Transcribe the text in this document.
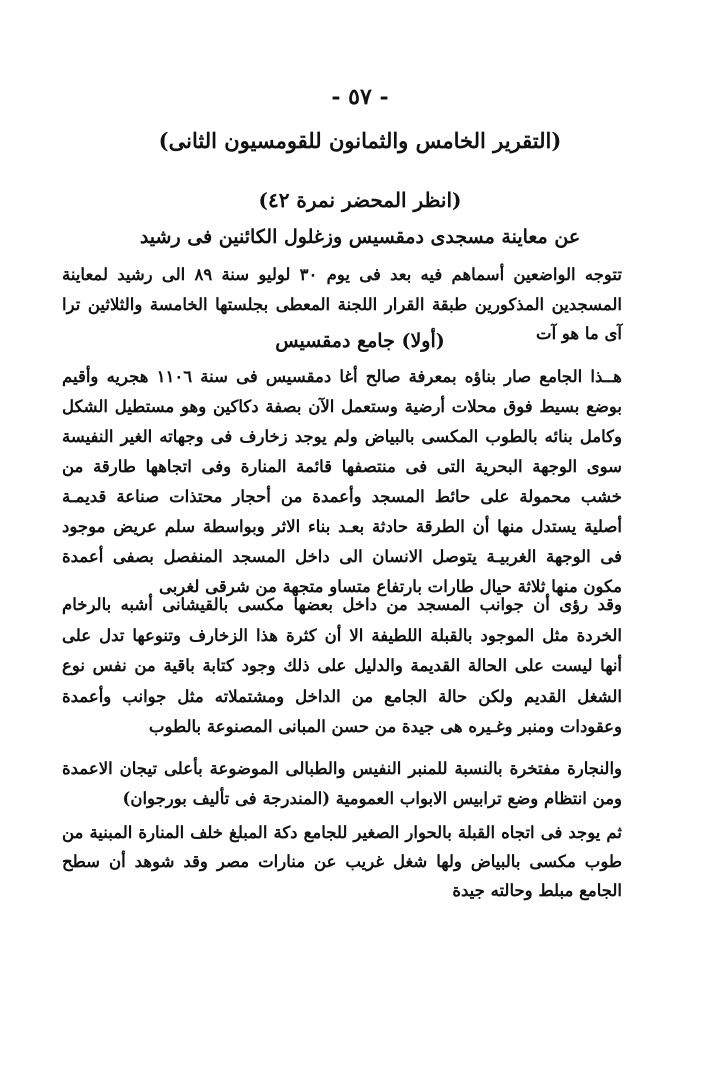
- ٥٧ -
(التقرير الخامس والثمانون للقومسيون الثانى)
(انظر المحضر نمرة ٤٢)
عن معاينة مسجدى دمقسيس وزغلول الكائنين فى رشيد
تتوجه الواضعين أسماهم فيه بعد فى يوم ٣٠ لوليو سنة ٨٩ الى رشيد لمعاينة المسجدين المذكورين طبقة القرار اللجنة المعطى بجلستها الخامسة والثلاثين ترا آى ما هو آت
(أولا) جامع دمقسيس
هــذا الجامع صار بناؤه بمعرفة صالح أغا دمقسيس فى سنة ١١٠٦ هجريه وأقيم بوضع بسيط فوق محلات أرضية وستعمل الآن بصفة دكاكين وهو مستطيل الشكل وكامل بنائه بالطوب المكسى بالبياض ولم يوجد زخارف فى وجهاته الغير النفيسة سوى الوجهة البحرية التى فى منتصفها قائمة المنارة وفى اتجاهها طارقة من خشب محمولة على حائط المسجد وأعمدة من أحجار محتذات صناعة قديمـة أصلية يستدل منها أن الطرقة حادثة بعـد بناء الاثر وبواسطة سلم عريض موجود فى الوجهة الغربيـة يتوصل الانسان الى داخل المسجد المنفصل بصفى أعمدة مكون منها ثلاثة حيال طارات بارتفاع متساو متجهة من شرقى لغربى
وقد رؤى أن جوانب المسجد من داخل بعضها مكسى بالقيشانى أشبه بالرخام الخردة مثل الموجود بالقبلة اللطيفة الا أن كثرة هذا الزخارف وتنوعها تدل على أنها ليست على الحالة القديمة والدليل على ذلك وجود كتابة باقية من نفس نوع الشغل القديم ولكن حالة الجامع من الداخل ومشتملاته مثل جوانب وأعمدة وعقودات ومنبر وغـيره هى جيدة من حسن المبانى المصنوعة بالطوب
والنجارة مفتخرة بالنسبة للمنبر النفيس والطبالى الموضوعة بأعلى تيجان الاعمدة ومن انتظام وضع ترابيس الابواب العمومية (المندرجة فى تأليف بورجوان)
ثم يوجد فى اتجاه القبلة بالحوار الصغير للجامع دكة المبلغ خلف المنارة المبنية من طوب مكسى بالبياض ولها شغل غريب عن منارات مصر وقد شوهد أن سطح الجامع مبلط وحالته جيدة
